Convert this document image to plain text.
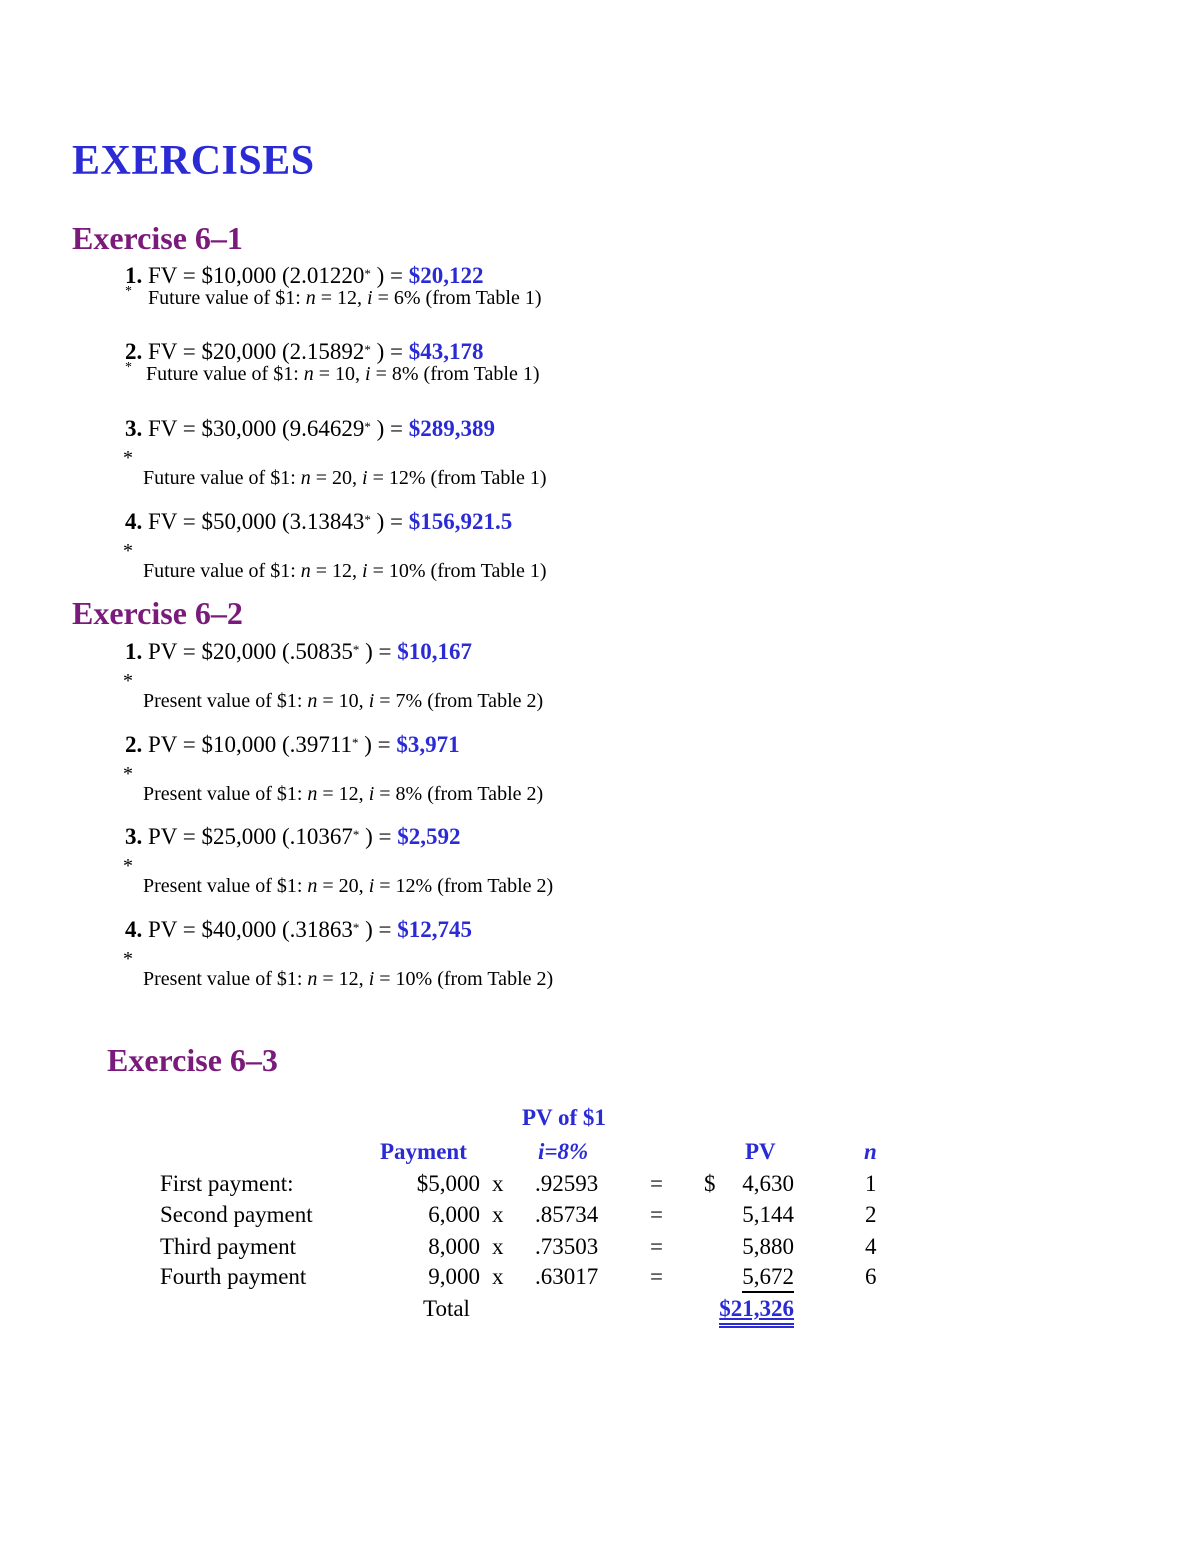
EXERCISES
Exercise 6–1
1. FV = $10,000 (2.01220* ) = $20,122
* Future value of $1: n = 12, i = 6% (from Table 1)
2. FV = $20,000 (2.15892* ) = $43,178
* Future value of $1: n = 10, i = 8% (from Table 1)
3. FV = $30,000 (9.64629* ) = $289,389
*
Future value of $1: n = 20, i = 12% (from Table 1)
4. FV = $50,000 (3.13843* ) = $156,921.5
*
Future value of $1: n = 12, i = 10% (from Table 1)
Exercise 6–2
1. PV = $20,000 (.50835* ) = $10,167
*
Present value of $1: n = 10, i = 7% (from Table 2)
2. PV = $10,000 (.39711* ) = $3,971
*
Present value of $1: n = 12, i = 8% (from Table 2)
3. PV = $25,000 (.10367* ) = $2,592
*
Present value of $1: n = 20, i = 12% (from Table 2)
4. PV = $40,000 (.31863* ) = $12,745
*
Present value of $1: n = 12, i = 10% (from Table 2)
Exercise 6–3
PV of $1
Payment	i=8%	PV	n
First payment:	$5,000 x .92593 = $	4,630	1
Second payment	6,000 x .85734 =	5,144	2
Third payment	8,000 x .73503 =	5,880	4
Fourth payment	9,000 x .63017 =	5,672	6
Total	$21,326
